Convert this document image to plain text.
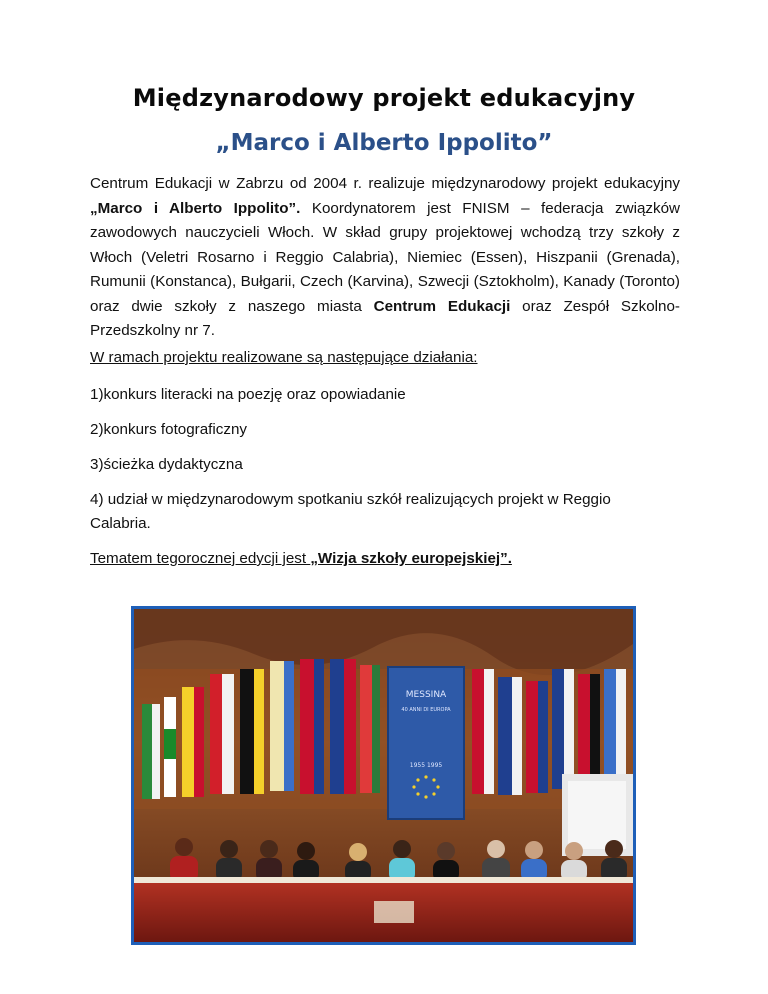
Międzynarodowy projekt edukacyjny
„Marco i Alberto Ippolito”
Centrum Edukacji w Zabrzu od 2004 r. realizuje międzynarodowy projekt edukacyjny „Marco i Alberto Ippolito”. Koordynatorem jest FNISM – federacja związków zawodowych nauczycieli Włoch. W skład grupy projektowej wchodzą trzy szkoły z Włoch (Veletri Rosarno i Reggio Calabria), Niemiec (Essen), Hiszpanii (Grenada), Rumunii (Konstanca), Bułgarii, Czech (Karvina), Szwecji (Sztokholm), Kanady (Toronto) oraz dwie szkoły z naszego miasta Centrum Edukacji oraz Zespół Szkolno-Przedszkolny nr 7.
W ramach projektu realizowane są następujące działania:
1)konkurs literacki na poezję oraz opowiadanie
2)konkurs fotograficzny
3)ścieżka dydaktyczna
4) udział w międzynarodowym spotkaniu szkół realizujących projekt w Reggio Calabria.
Tematem tegorocznej edycji jest „Wizja szkoły europejskiej”.
MESSINA
40 ANNI DI EUROPA
1955 1995
